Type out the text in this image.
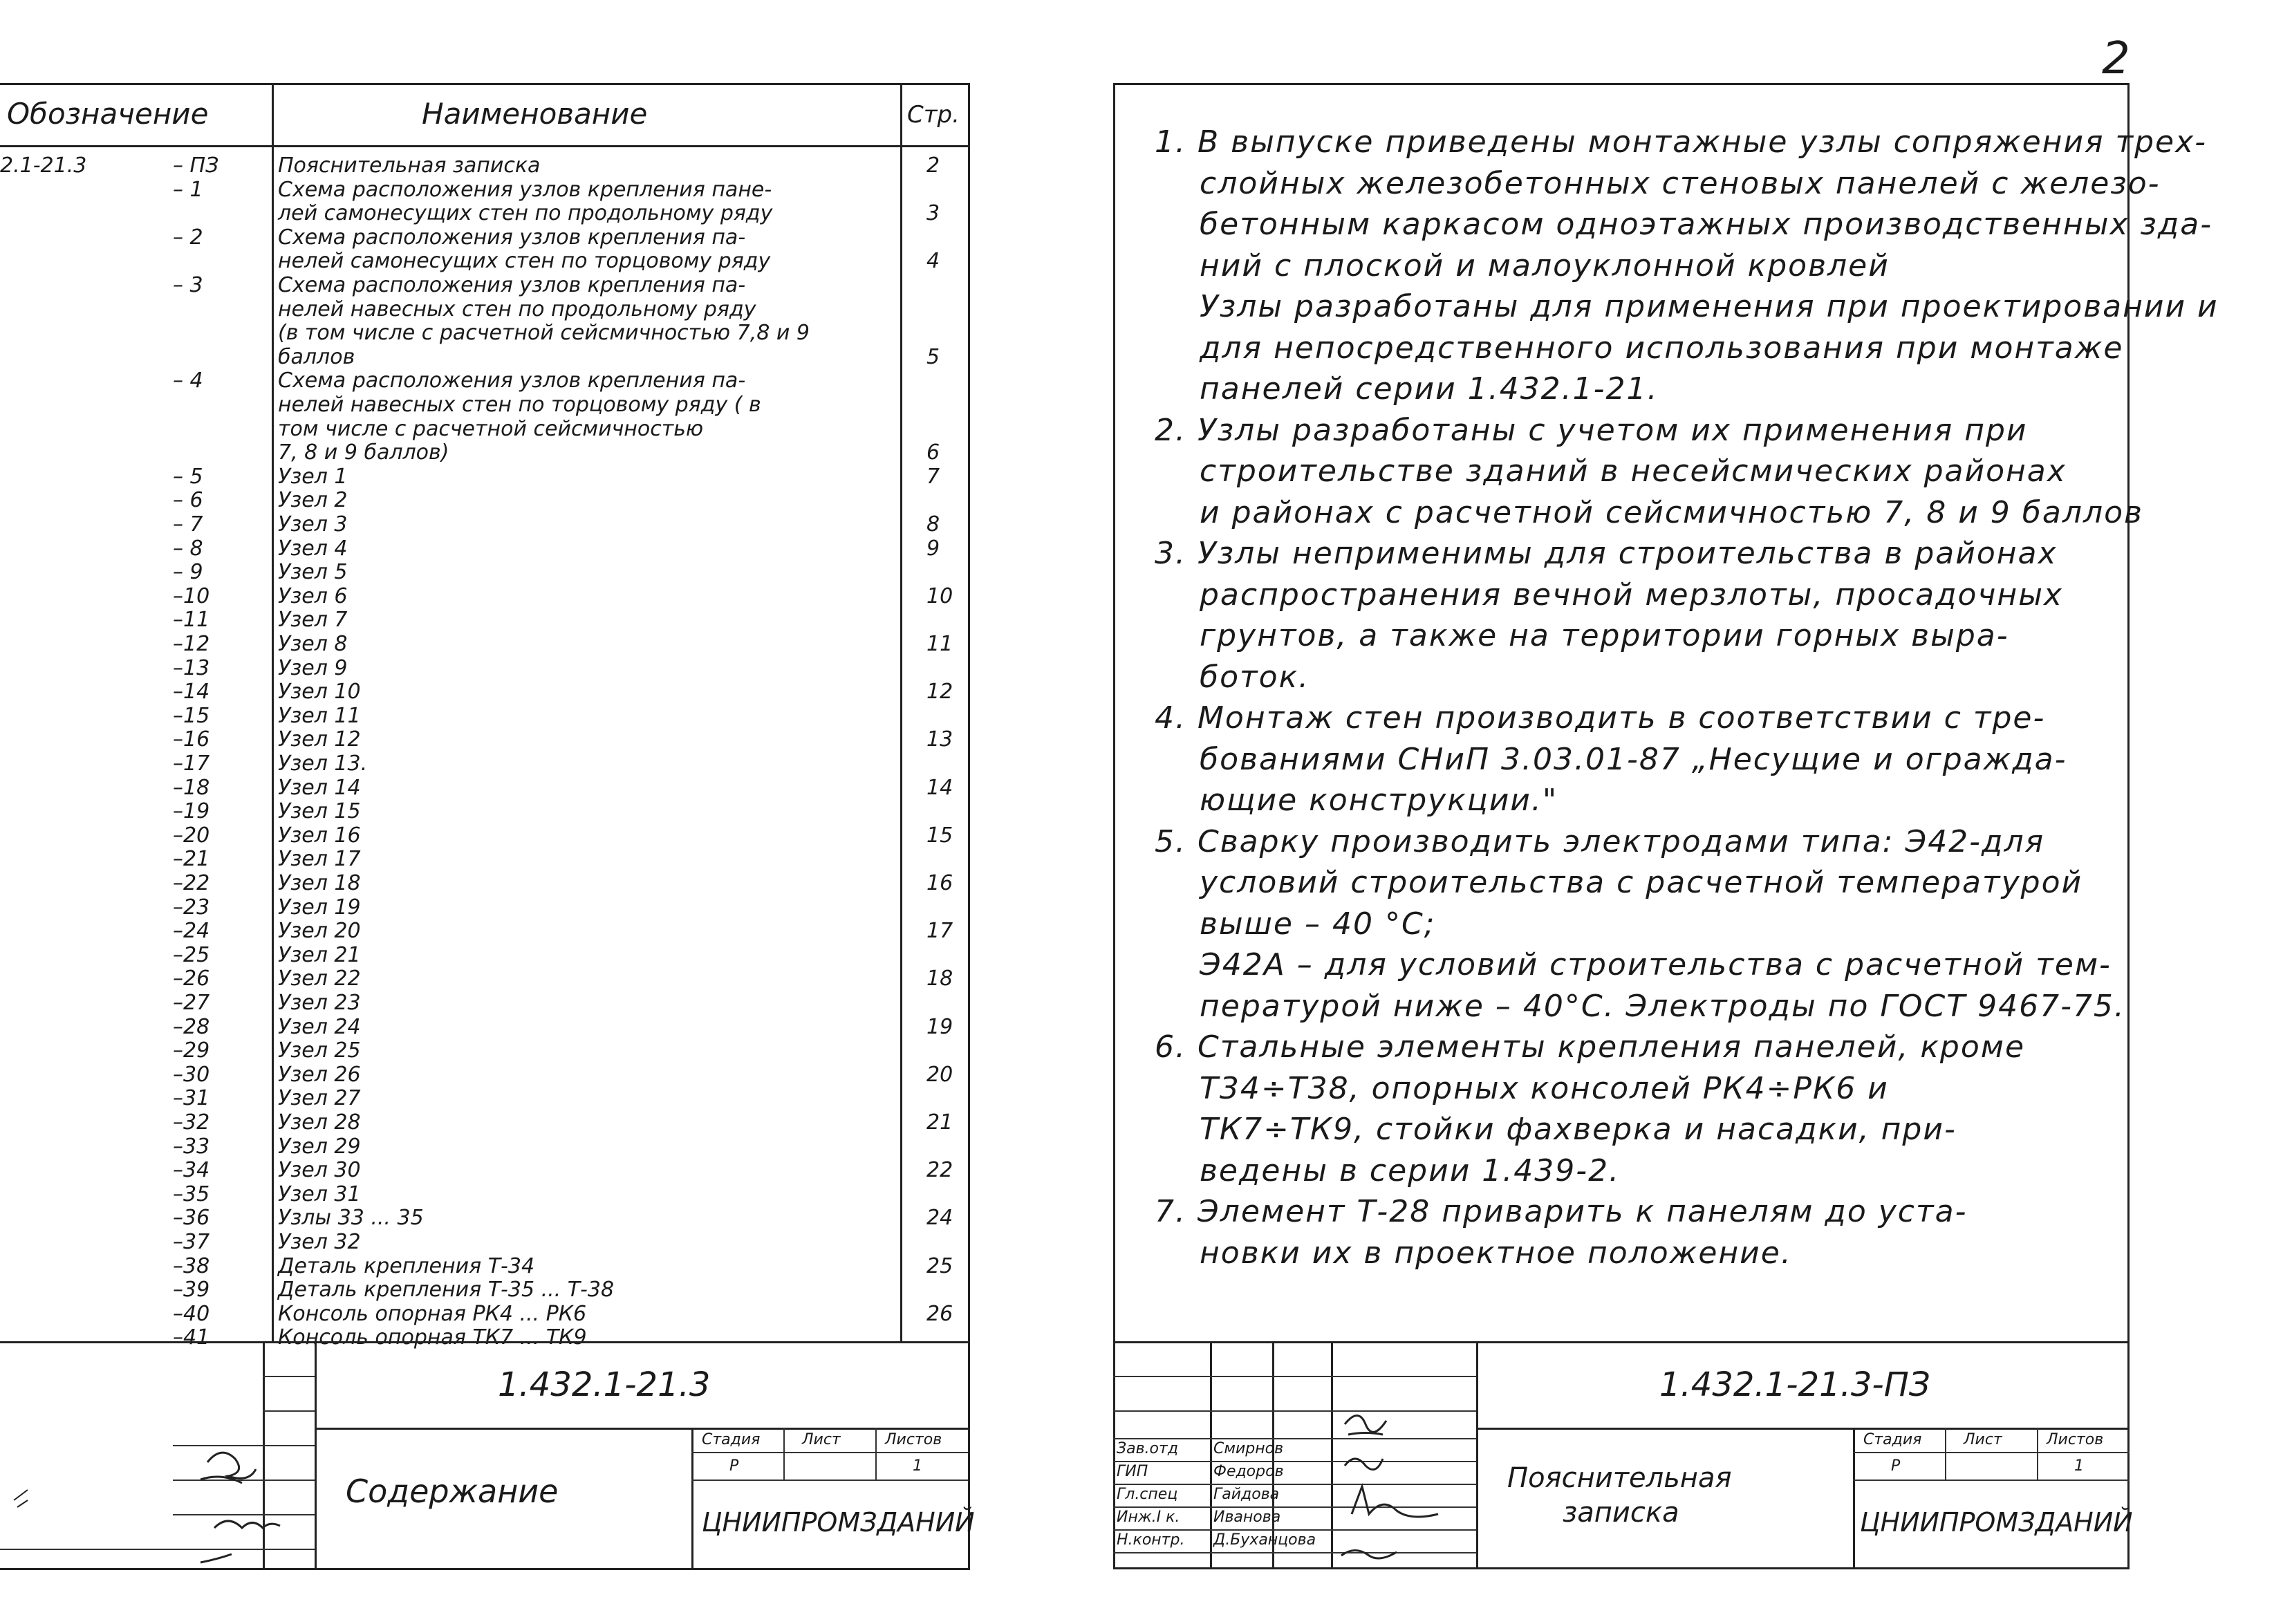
2
Обозначение	Наименование	Стр.
2.1-21.3	– ПЗ	Пояснительная записка	2
– 1	Схема расположения узлов крепления пане-
лей самонесущих стен по продольному ряду	3
– 2	Схема расположения узлов крепления па-
нелей самонесущих стен по торцовому ряду	4
– 3	Схема расположения узлов крепления па-
нелей навесных стен по продольному ряду
(в том числе с расчетной сейсмичностью 7,8 и 9
баллов	5
– 4	Схема расположения узлов крепления па-
нелей навесных стен по торцовому ряду ( в
том числе с расчетной сейсмичностью
7, 8 и 9 баллов)	6
– 5	Узел 1	7
– 6	Узел 2
– 7	Узел 3	8
– 8	Узел 4	9
– 9	Узел 5
–10	Узел 6	10
–11	Узел 7
–12	Узел 8	11
–13	Узел 9
–14	Узел 10	12
–15	Узел 11
–16	Узел 12	13
–17	Узел 13.
–18	Узел 14	14
–19	Узел 15
–20	Узел 16	15
–21	Узел 17
–22	Узел 18	16
–23	Узел 19
–24	Узел 20	17
–25	Узел 21
–26	Узел 22	18
–27	Узел 23
–28	Узел 24	19
–29	Узел 25
–30	Узел 26	20
–31	Узел 27
–32	Узел 28	21
–33	Узел 29
–34	Узел 30	22
–35	Узел 31
–36	Узлы 33 ... 35	24
–37	Узел 32
–38	Деталь крепления Т-34	25
–39	Деталь крепления Т-35 ... Т-38
–40	Консоль опорная РК4 ... РК6	26
–41	Консоль опорная ТК7 ... ТК9
1.432.1-21.3
Содержание
Стадия	Лист	Листов
Р	1
ЦНИИПРОМЗДАНИЙ
1. В выпуске приведены монтажные узлы сопряжения трех-
слойных железобетонных стеновых панелей с железо-
бетонным каркасом одноэтажных производственных зда-
ний с плоской и малоуклонной кровлей
Узлы разработаны для применения при проектировании и
для непосредственного использования при монтаже
панелей серии 1.432.1-21.
2. Узлы разработаны с учетом их применения при
строительстве зданий в несейсмических районах
и районах с расчетной сейсмичностью 7, 8 и 9 баллов
3. Узлы неприменимы для строительства в районах
распространения вечной мерзлоты, просадочных
грунтов, а также на территории горных выра-
боток.
4. Монтаж стен производить в соответствии с тре-
бованиями СНиП 3.03.01-87 „Несущие и ограждa-
ющие конструкции."
5. Сварку производить электродами типа: Э42-для
условий строительства с расчетной температурой
выше – 40 °С;
Э42А – для условий строительства с расчетной тем-
пературой ниже – 40°С. Электроды по ГОСТ 9467-75.
6. Стальные элементы крепления панелей, кроме
Т34÷Т38, опорных консолей РК4÷РК6 и
ТК7÷ТК9, стойки фахверка и насадки, при-
ведены в серии 1.439-2.
7. Элемент Т-28 приварить к панелям до уста-
новки их в проектное положение.
1.432.1-21.3-ПЗ
Пояснительная
записка
Стадия	Лист	Листов
Р	1
ЦНИИПРОМЗДАНИЙ
Зав.отд Смирнов
ГИП	Федоров
Гл.спец Гайдова
Инж.I к. Иванова
Н.контр. Д.Буханцова
